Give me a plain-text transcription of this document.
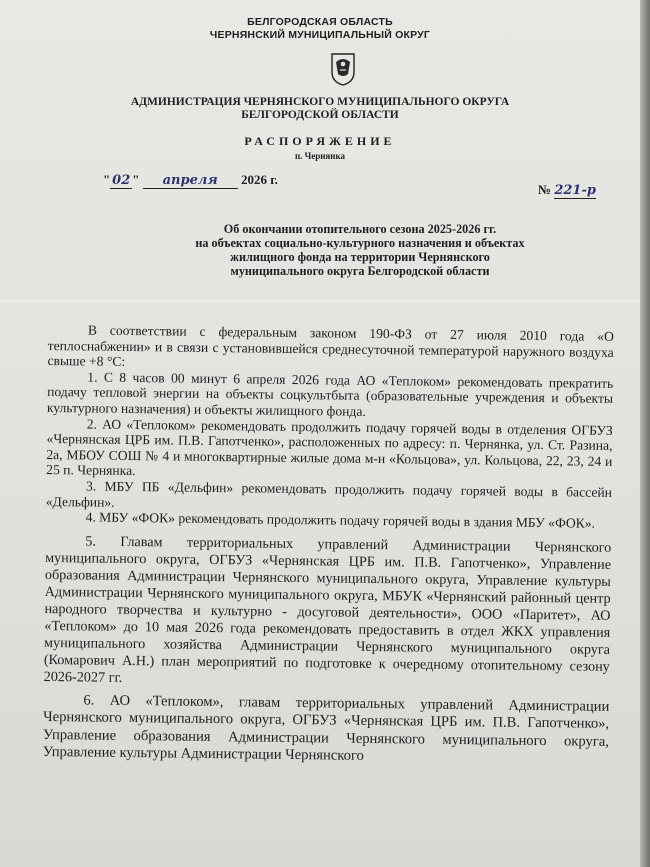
БЕЛГОРОДСКАЯ ОБЛАСТЬ
ЧЕРНЯНСКИЙ МУНИЦИПАЛЬНЫЙ ОКРУГ
АДМИНИСТРАЦИЯ ЧЕРНЯНСКОГО МУНИЦИПАЛЬНОГО ОКРУГА
БЕЛГОРОДСКОЙ ОБЛАСТИ
РАСПОРЯЖЕНИЕ
п. Чернянка
" 02 " апреля 2026 г.
№ 221-р
Об окончании отопительного сезона 2025-2026 гг.
на объектах социально-культурного назначения и объектах
жилищного фонда на территории Чернянского
муниципального округа Белгородской области

В соответствии с федеральным законом 190-ФЗ от 27 июля 2010 года «О теплоснабжении» и в связи с установившейся среднесуточной температурой наружного воздуха свыше +8 °С:

1. С 8 часов 00 минут 6 апреля 2026 года АО «Теплоком» рекомендовать прекратить подачу тепловой энергии на объекты соцкультбыта (образовательные учреждения и объекты культурного назначения) и объекты жилищного фонда.

2. АО «Теплоком» рекомендовать продолжить подачу горячей воды в отделения ОГБУЗ «Чернянская ЦРБ им. П.В. Гапотченко», расположенных по адресу: п. Чернянка, ул. Ст. Разина, 2а, МБОУ СОШ № 4 и многоквартирные жилые дома м-н «Кольцова», ул. Кольцова, 22, 23, 24 и 25 п. Чернянка.

3. МБУ ПБ «Дельфин» рекомендовать продолжить подачу горячей воды в бассейн «Дельфин».

4. МБУ «ФОК» рекомендовать продолжить подачу горячей воды в здания МБУ «ФОК».

5. Главам территориальных управлений Администрации Чернянского муниципального округа, ОГБУЗ «Чернянская ЦРБ им. П.В. Гапотченко», Управление образования Администрации Чернянского муниципального округа, Управление культуры Администрации Чернянского муниципального округа, МБУК «Чернянский районный центр народного творчества и культурно - досуговой деятельности», ООО «Паритет», АО «Теплоком» до 10 мая 2026 года рекомендовать предоставить в отдел ЖКХ управления муниципального хозяйства Администрации Чернянского муниципального округа (Комарович А.Н.) план мероприятий по подготовке к очередному отопительному сезону 2026-2027 гг.

6. АО «Теплоком», главам территориальных управлений Администрации Чернянского муниципального округа, ОГБУЗ «Чернянская ЦРБ им. П.В. Гапотченко», Управление образования Администрации Чернянского муниципального округа, Управление культуры Администрации Чернянского
